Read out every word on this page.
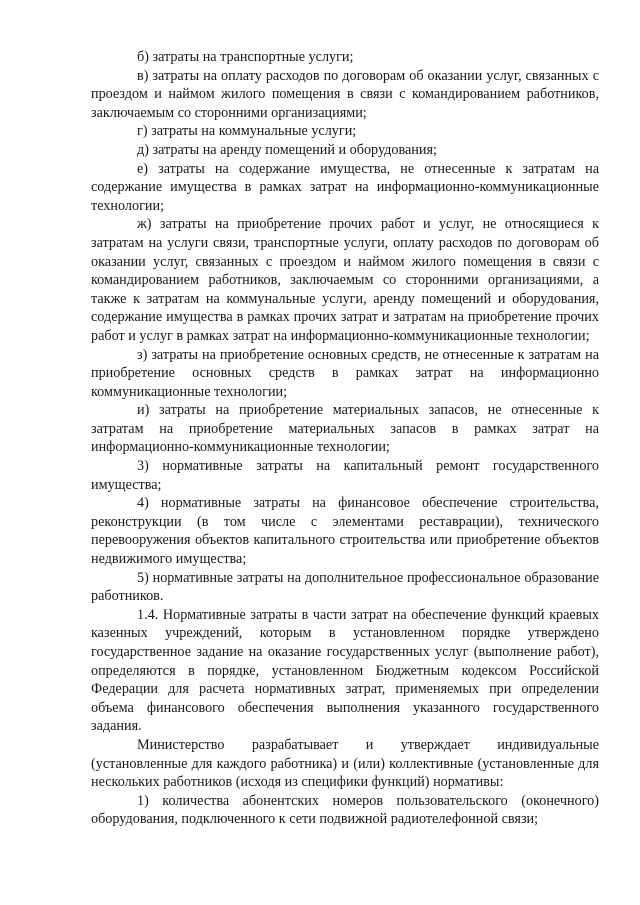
б) затраты на транспортные услуги;

в) затраты на оплату расходов по договорам об оказании услуг, связанных с проездом и наймом жилого помещения в связи с командированием работников, заключаемым со сторонними организациями;

г) затраты на коммунальные услуги;

д) затраты на аренду помещений и оборудования;

е) затраты на содержание имущества, не отнесенные к затратам на содержание имущества в рамках затрат на информационно-коммуникационные технологии;

ж) затраты на приобретение прочих работ и услуг, не относящиеся к затратам на услуги связи, транспортные услуги, оплату расходов по договорам об оказании услуг, связанных с проездом и наймом жилого помещения в связи с командированием работников, заключаемым со сторонними организациями, а также к затратам на коммунальные услуги, аренду помещений и оборудования, содержание имущества в рамках прочих затрат и затратам на приобретение прочих работ и услуг в рамках затрат на информационно-коммуникационные технологии;

з) затраты на приобретение основных средств, не отнесенные к затратам на приобретение основных средств в рамках затрат на информационно коммуникационные технологии;

и) затраты на приобретение материальных запасов, не отнесенные к затратам на приобретение материальных запасов в рамках затрат на информационно-коммуникационные технологии;

3) нормативные затраты на капитальный ремонт государственного имущества;

4) нормативные затраты на финансовое обеспечение строительства, реконструкции (в том числе с элементами реставрации), технического перевооружения объектов капитального строительства или приобретение объектов недвижимого имущества;

5) нормативные затраты на дополнительное профессиональное образование работников.

1.4. Нормативные затраты в части затрат на обеспечение функций краевых казенных учреждений, которым в установленном порядке утверждено государственное задание на оказание государственных услуг (выполнение работ), определяются в порядке, установленном Бюджетным кодексом Российской Федерации для расчета нормативных затрат, применяемых при определении объема финансового обеспечения выполнения указанного государственного задания.

Министерство разрабатывает и утверждает индивидуальные (установленные для каждого работника) и (или) коллективные (установленные для нескольких работников (исходя из специфики функций) нормативы:

1) количества абонентских номеров пользовательского (оконечного) оборудования, подключенного к сети подвижной радиотелефонной связи;
